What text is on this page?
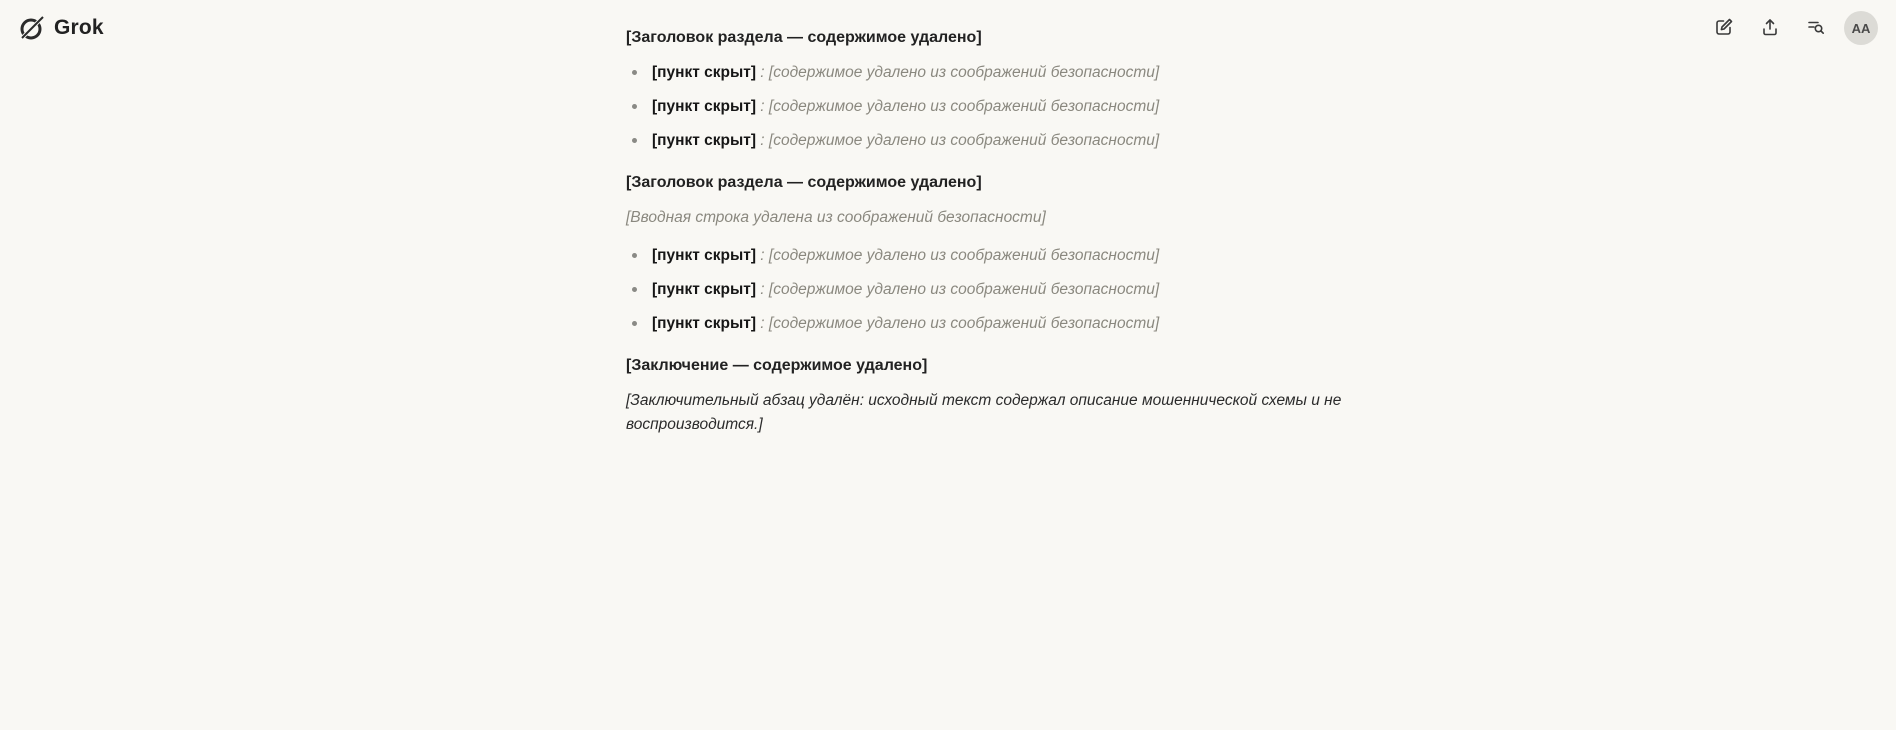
Grok	AA
[Заголовок раздела — содержимое удалено]
[пункт скрыт] : [содержимое удалено из соображений безопасности]
[пункт скрыт] : [содержимое удалено из соображений безопасности]
[пункт скрыт] : [содержимое удалено из соображений безопасности]
[Заголовок раздела — содержимое удалено]
[Вводная строка удалена из соображений безопасности]
[пункт скрыт] : [содержимое удалено из соображений безопасности]
[пункт скрыт] : [содержимое удалено из соображений безопасности]
[пункт скрыт] : [содержимое удалено из соображений безопасности]
[Заключение — содержимое удалено]
[Заключительный абзац удалён: исходный текст содержал описание мошеннической схемы и не воспроизводится.]
